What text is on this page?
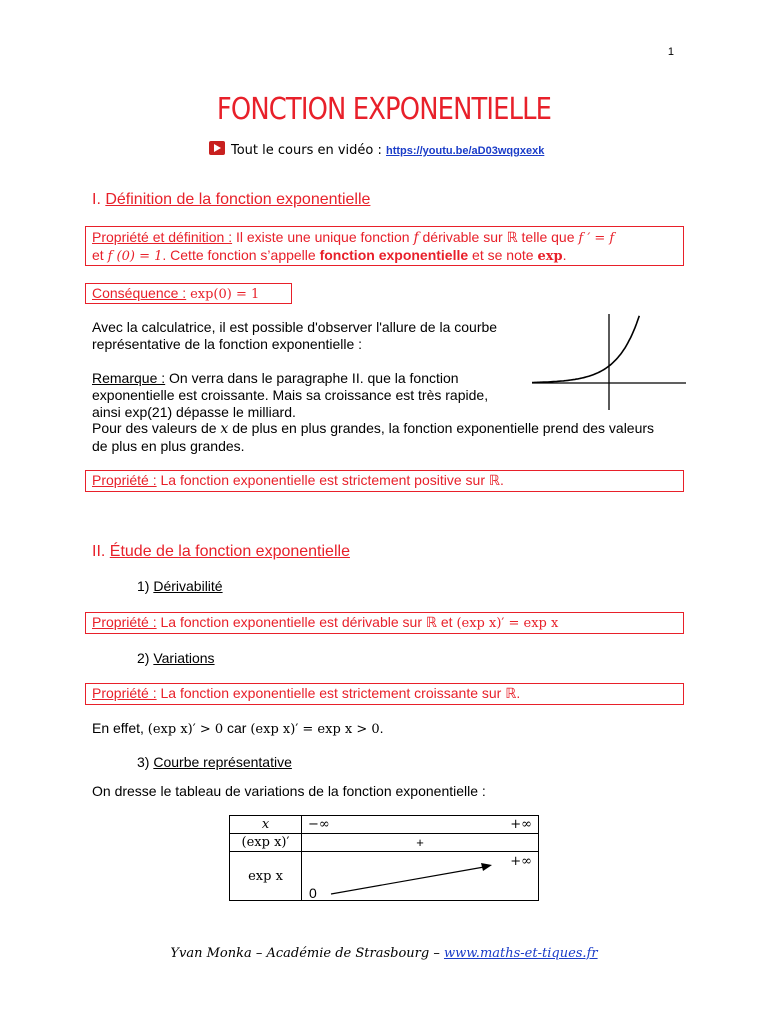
1
FONCTION EXPONENTIELLE
Tout le cours en vidéo : https://youtu.be/aD03wqgxexk
I. Définition de la fonction exponentielle
Propriété et définition : Il existe une unique fonction f dérivable sur ℝ telle que f ′ = f
et f (0) = 1. Cette fonction s’appelle fonction exponentielle et se note exp.
Conséquence : exp(0) = 1
Avec la calculatrice, il est possible d'observer l'allure de la courbe représentative de la fonction exponentielle :
Remarque : On verra dans le paragraphe II. que la fonction exponentielle est croissante. Mais sa croissance est très rapide, ainsi exp(21) dépasse le milliard.
Pour des valeurs de x de plus en plus grandes, la fonction exponentielle prend des valeurs de plus en plus grandes.
Propriété : La fonction exponentielle est strictement positive sur ℝ.
II. Étude de la fonction exponentielle
1) Dérivabilité
Propriété : La fonction exponentielle est dérivable sur ℝ et (exp x)′ = exp x
2) Variations
Propriété : La fonction exponentielle est strictement croissante sur ℝ.
En effet, (exp x)′ > 0 car (exp x)′ = exp x > 0.
3) Courbe représentative
On dresse le tableau de variations de la fonction exponentielle :
x	−∞ +∞

(exp x)′	+
exp x	+∞
0
Yvan Monka – Académie de Strasbourg – www.maths-et-tiques.fr
